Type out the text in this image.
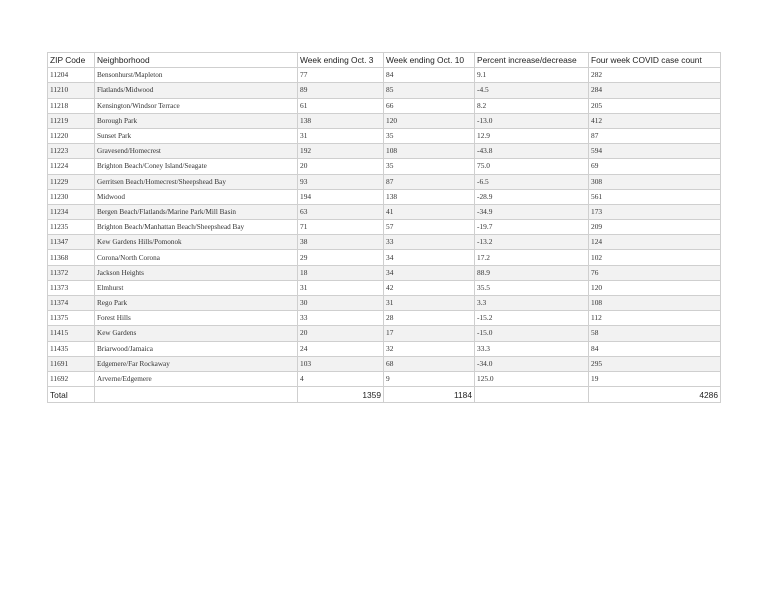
ZIP Code	Neighborhood	Week ending Oct. 3	Week ending Oct. 10	Percent increase/decrease	Four week COVID case count
11204	Bensonhurst/Mapleton	77	84	9.1	282
11210	Flatlands/Midwood	89	85	-4.5	284
11218	Kensington/Windsor Terrace	61	66	8.2	205
11219	Borough Park	138	120	-13.0	412
11220	Sunset Park	31	35	12.9	87
11223	Gravesend/Homecrest	192	108	-43.8	594
11224	Brighton Beach/Coney Island/Seagate	20	35	75.0	69
11229	Gerritsen Beach/Homecrest/Sheepshead Bay	93	87	-6.5	308
11230	Midwood	194	138	-28.9	561
11234	Bergen Beach/Flatlands/Marine Park/Mill Basin	63	41	-34.9	173
11235	Brighton Beach/Manhattan Beach/Sheepshead Bay	71	57	-19.7	209
11347	Kew Gardens Hills/Pomonok	38	33	-13.2	124
11368	Corona/North Corona	29	34	17.2	102
11372	Jackson Heights	18	34	88.9	76
11373	Elmhurst	31	42	35.5	120
11374	Rego Park	30	31	3.3	108
11375	Forest Hills	33	28	-15.2	112
11415	Kew Gardens	20	17	-15.0	58
11435	Briarwood/Jamaica	24	32	33.3	84
11691	Edgemere/Far Rockaway	103	68	-34.0	295
11692	Arverne/Edgemere	4	9	125.0	19
Total		1359	1184		4286
